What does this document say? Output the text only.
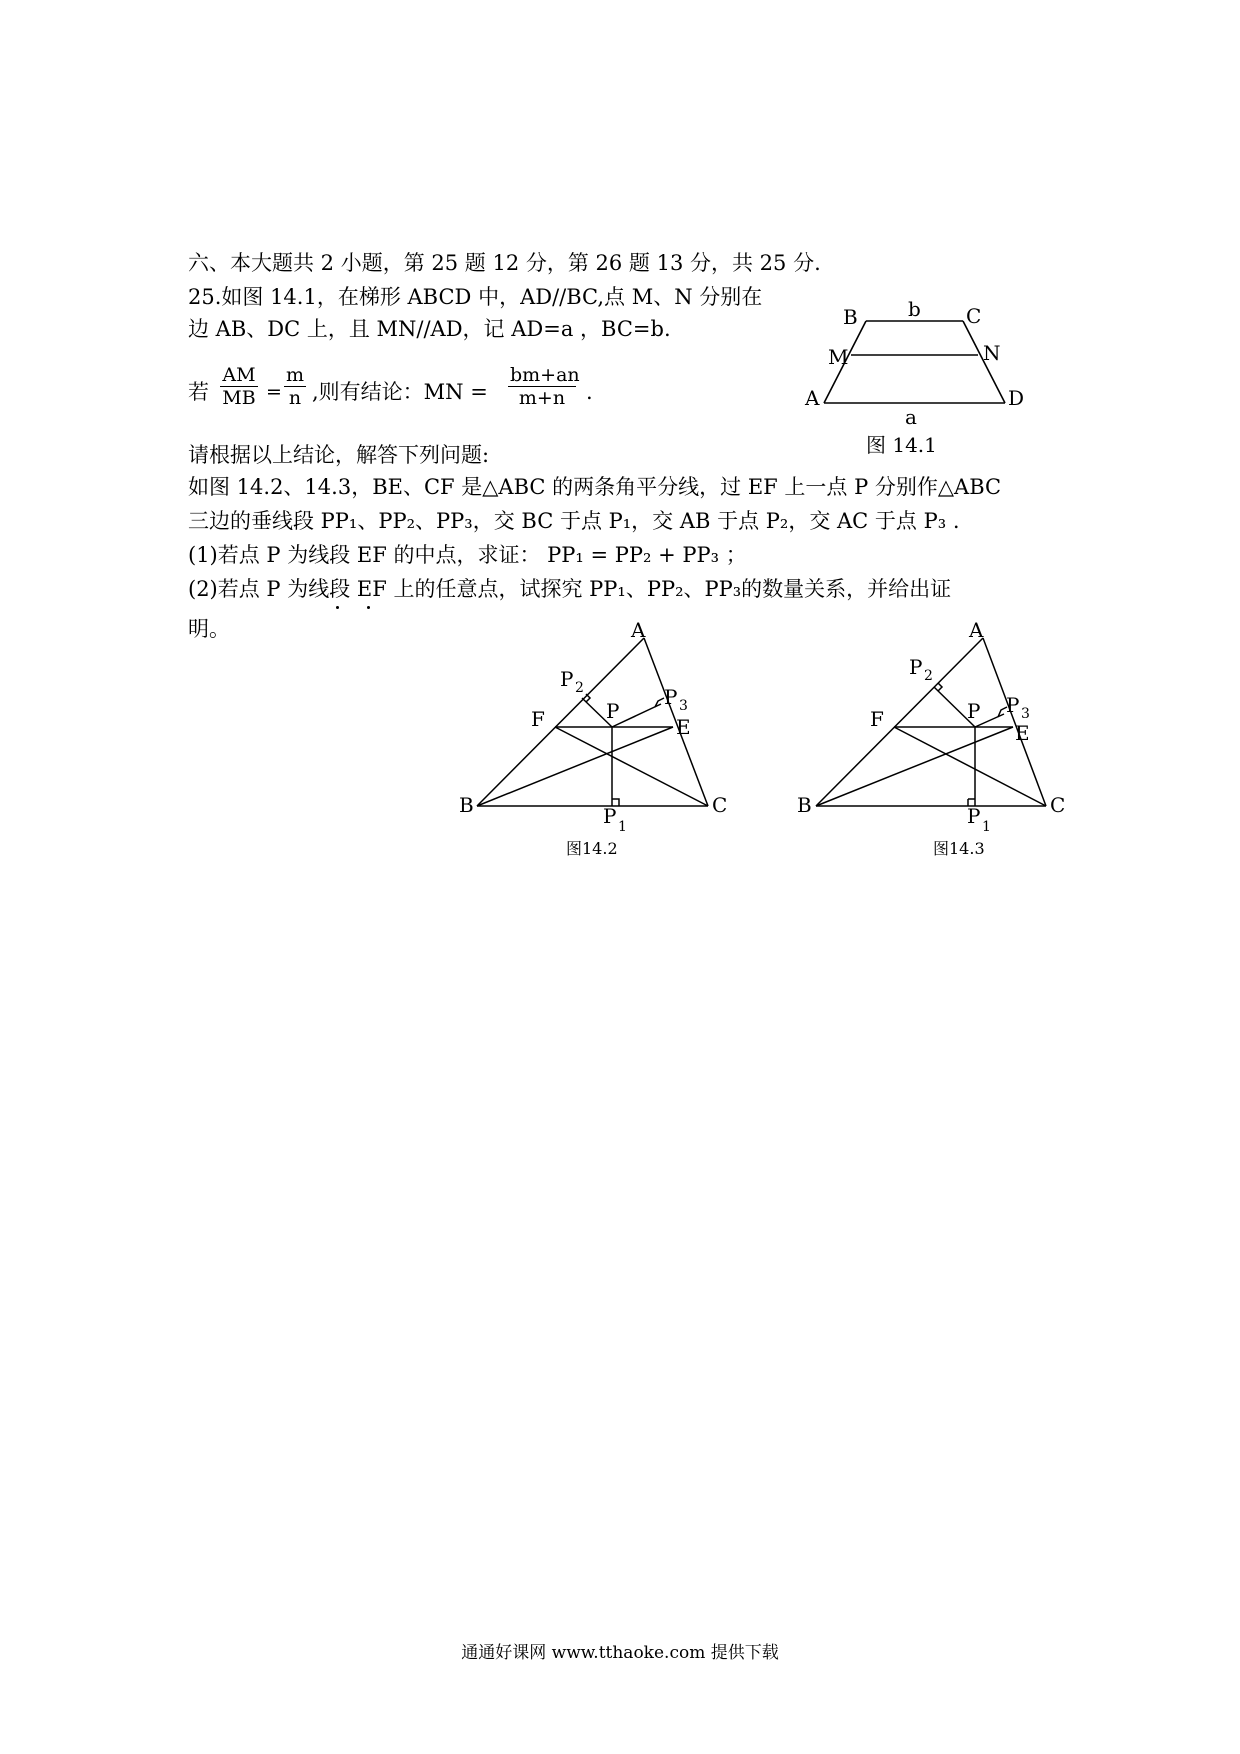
六、本大题共 2 小题，第 25 题 12 分，第 26 题 13 分，共 25 分.
25.如图 14.1，在梯形 ABCD 中，AD//BC,点 M、N 分别在
边 AB、DC 上，且 MN//AD，记 AD=a ，BC=b.
若 $\frac{AM}{MB} = \frac{m}{n}$ ,则有结论：MN = $\frac{bm+an}{m+n}$ .
请根据以上结论，解答下列问题:
如图 14.2、14.3，BE、CF 是△ABC 的两条角平分线，过 EF 上一点 P 分别作△ABC
三边的垂线段 PP₁、PP₂、PP₃，交 BC 于点 P₁，交 AB 于点 P₂，交 AC 于点 P₃ .
(1)若点 P 为线段 EF 的中点，求证： PP₁ = PP₂ + PP₃ ；
(2)若点 P 为线段 EF 上的任意点，试探究 PP₁、PP₂、PP₃的数量关系，并给出证
明。
B	C
b
M	N
A	D
a
图 14.1
A
B	C
E
F	P
P 2	P 3
P 1
图14.2
A
B	C
E
F	P
P 2
P 3
P 1
图14.3
通通好课网 www.tthaoke.com 提供下载
